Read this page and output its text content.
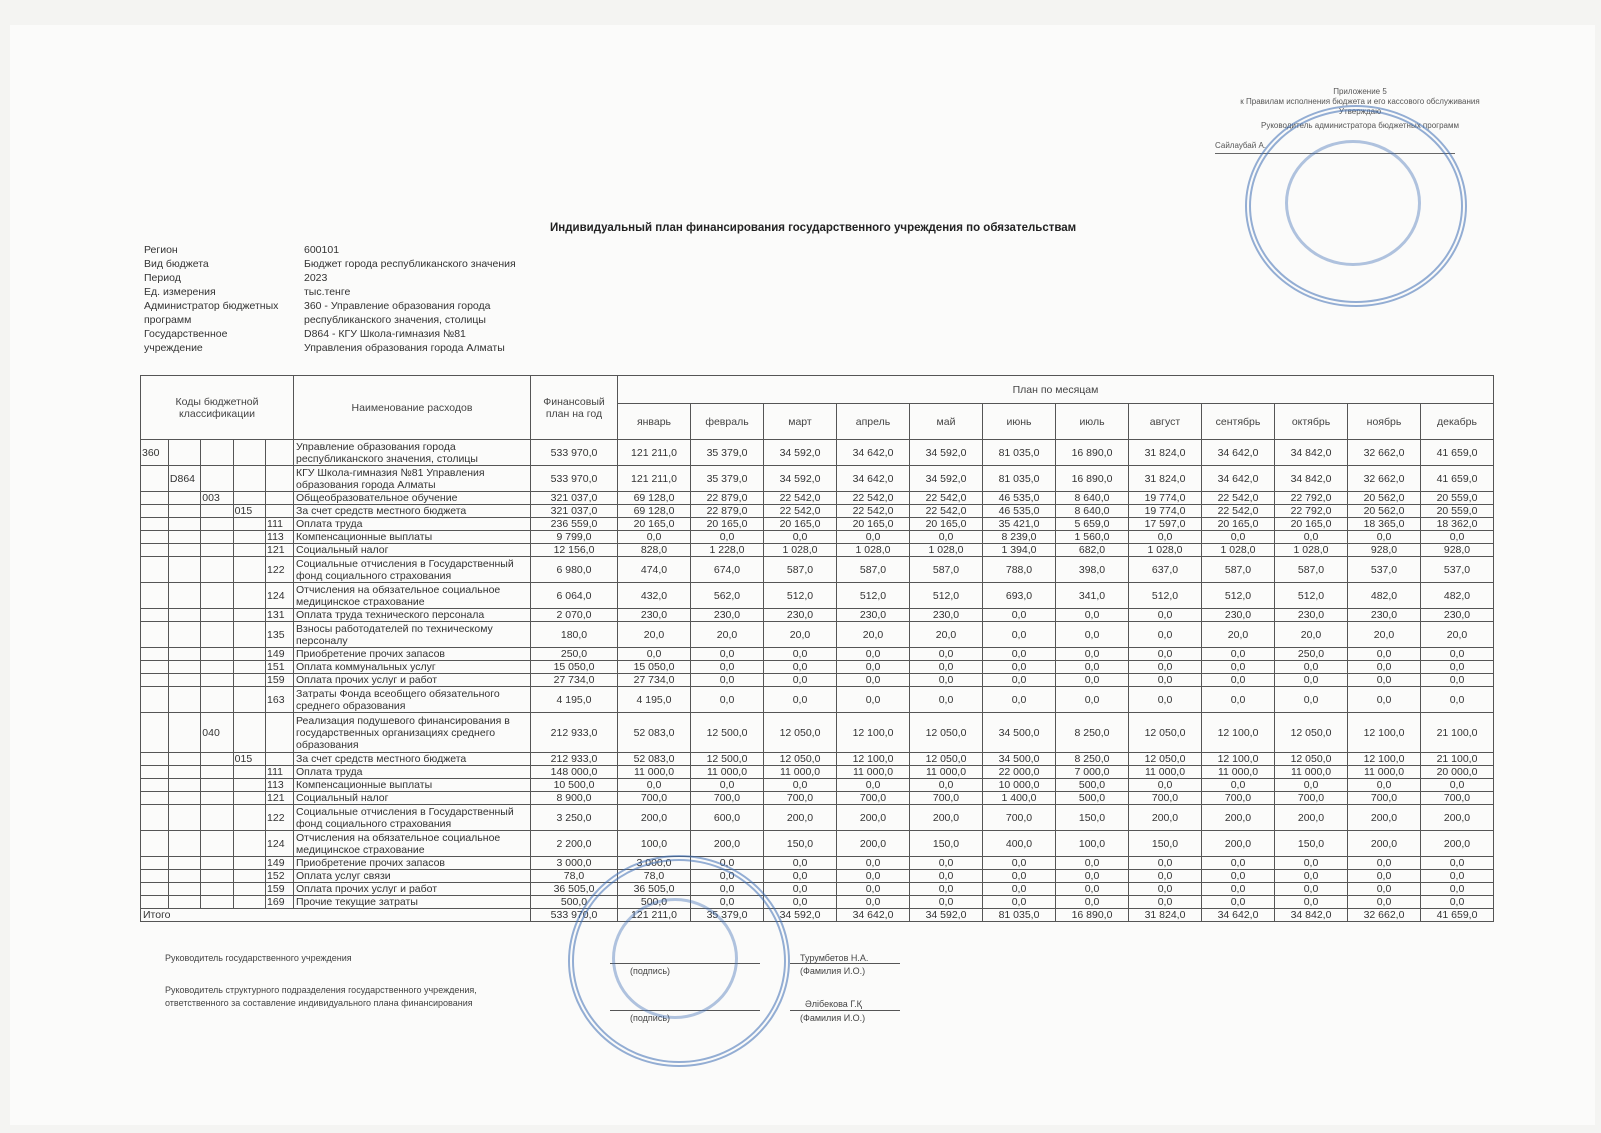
Приложение 5
к Правилам исполнения бюджета и его кассового обслуживания
Утверждаю
Руководитель администратора бюджетных программ
Сайлаубай А.
Индивидуальный план финансирования государственного учреждения по обязательствам
Регион	600101
Вид бюджета	Бюджет города республиканского значения
Период	2023
Ед. измерения	тыс.тенге
Администратор бюджетных	360 - Управление образования города
программ	республиканского значения, столицы
Государственное	D864 - КГУ Школа-гимназия №81
учреждение	Управления образования города Алматы
Коды бюджетной классификации					Наименование расходов	Финансовый план на год	План по месяцам											
							январь	февраль	март	апрель	май	июнь	июль	август	сентябрь	октябрь	ноябрь	декабрь
360					Управление образования города республиканского значения, столицы	533 970,0	121 211,0	35 379,0	34 592,0	34 642,0	34 592,0	81 035,0	16 890,0	31 824,0	34 642,0	34 842,0	32 662,0	41 659,0
	D864				КГУ Школа-гимназия №81 Управления образования города Алматы	533 970,0	121 211,0	35 379,0	34 592,0	34 642,0	34 592,0	81 035,0	16 890,0	31 824,0	34 642,0	34 842,0	32 662,0	41 659,0
		003			Общеобразовательное обучение	321 037,0	69 128,0	22 879,0	22 542,0	22 542,0	22 542,0	46 535,0	8 640,0	19 774,0	22 542,0	22 792,0	20 562,0	20 559,0
			015		За счет средств местного бюджета	321 037,0	69 128,0	22 879,0	22 542,0	22 542,0	22 542,0	46 535,0	8 640,0	19 774,0	22 542,0	22 792,0	20 562,0	20 559,0
				111	Оплата труда	236 559,0	20 165,0	20 165,0	20 165,0	20 165,0	20 165,0	35 421,0	5 659,0	17 597,0	20 165,0	20 165,0	18 365,0	18 362,0
				113	Компенсационные выплаты	9 799,0	0,0	0,0	0,0	0,0	0,0	8 239,0	1 560,0	0,0	0,0	0,0	0,0	0,0
				121	Социальный налог	12 156,0	828,0	1 228,0	1 028,0	1 028,0	1 028,0	1 394,0	682,0	1 028,0	1 028,0	1 028,0	928,0	928,0
				122	Социальные отчисления в Государственный фонд социального страхования	6 980,0	474,0	674,0	587,0	587,0	587,0	788,0	398,0	637,0	587,0	587,0	537,0	537,0
				124	Отчисления на обязательное социальное медицинское страхование	6 064,0	432,0	562,0	512,0	512,0	512,0	693,0	341,0	512,0	512,0	512,0	482,0	482,0
				131	Оплата труда технического персонала	2 070,0	230,0	230,0	230,0	230,0	230,0	0,0	0,0	0,0	230,0	230,0	230,0	230,0
				135	Взносы работодателей по техническому персоналу	180,0	20,0	20,0	20,0	20,0	20,0	0,0	0,0	0,0	20,0	20,0	20,0	20,0
				149	Приобретение прочих запасов	250,0	0,0	0,0	0,0	0,0	0,0	0,0	0,0	0,0	0,0	250,0	0,0	0,0
				151	Оплата коммунальных услуг	15 050,0	15 050,0	0,0	0,0	0,0	0,0	0,0	0,0	0,0	0,0	0,0	0,0	0,0
				159	Оплата прочих услуг и работ	27 734,0	27 734,0	0,0	0,0	0,0	0,0	0,0	0,0	0,0	0,0	0,0	0,0	0,0
				163	Затраты Фонда всеобщего обязательного среднего образования	4 195,0	4 195,0	0,0	0,0	0,0	0,0	0,0	0,0	0,0	0,0	0,0	0,0	0,0
		040			Реализация подушевого финансирования в государственных организациях среднего образования	212 933,0	52 083,0	12 500,0	12 050,0	12 100,0	12 050,0	34 500,0	8 250,0	12 050,0	12 100,0	12 050,0	12 100,0	21 100,0
			015		За счет средств местного бюджета	212 933,0	52 083,0	12 500,0	12 050,0	12 100,0	12 050,0	34 500,0	8 250,0	12 050,0	12 100,0	12 050,0	12 100,0	21 100,0
				111	Оплата труда	148 000,0	11 000,0	11 000,0	11 000,0	11 000,0	11 000,0	22 000,0	7 000,0	11 000,0	11 000,0	11 000,0	11 000,0	20 000,0
				113	Компенсационные выплаты	10 500,0	0,0	0,0	0,0	0,0	0,0	10 000,0	500,0	0,0	0,0	0,0	0,0	0,0
				121	Социальный налог	8 900,0	700,0	700,0	700,0	700,0	700,0	1 400,0	500,0	700,0	700,0	700,0	700,0	700,0
				122	Социальные отчисления в Государственный фонд социального страхования	3 250,0	200,0	600,0	200,0	200,0	200,0	700,0	150,0	200,0	200,0	200,0	200,0	200,0
				124	Отчисления на обязательное социальное медицинское страхование	2 200,0	100,0	200,0	150,0	200,0	150,0	400,0	100,0	150,0	200,0	150,0	200,0	200,0
				149	Приобретение прочих запасов	3 000,0	3 000,0	0,0	0,0	0,0	0,0	0,0	0,0	0,0	0,0	0,0	0,0	0,0
				152	Оплата услуг связи	78,0	78,0	0,0	0,0	0,0	0,0	0,0	0,0	0,0	0,0	0,0	0,0	0,0
				159	Оплата прочих услуг и работ	36 505,0	36 505,0	0,0	0,0	0,0	0,0	0,0	0,0	0,0	0,0	0,0	0,0	0,0
				169	Прочие текущие затраты	500,0	500,0	0,0	0,0	0,0	0,0	0,0	0,0	0,0	0,0	0,0	0,0	0,0
Итого						533 970,0	121 211,0	35 379,0	34 592,0	34 642,0	34 592,0	81 035,0	16 890,0	31 824,0	34 642,0	34 842,0	32 662,0	41 659,0
Руководитель государственного учреждения
Руководитель структурного подразделения государственного учреждения,
ответственного за составление индивидуального плана финансирования
(подпись)
Турумбетов Н.А.
(Фамилия И.О.)
(подпись)
Әлібекова Г.Қ
(Фамилия И.О.)
